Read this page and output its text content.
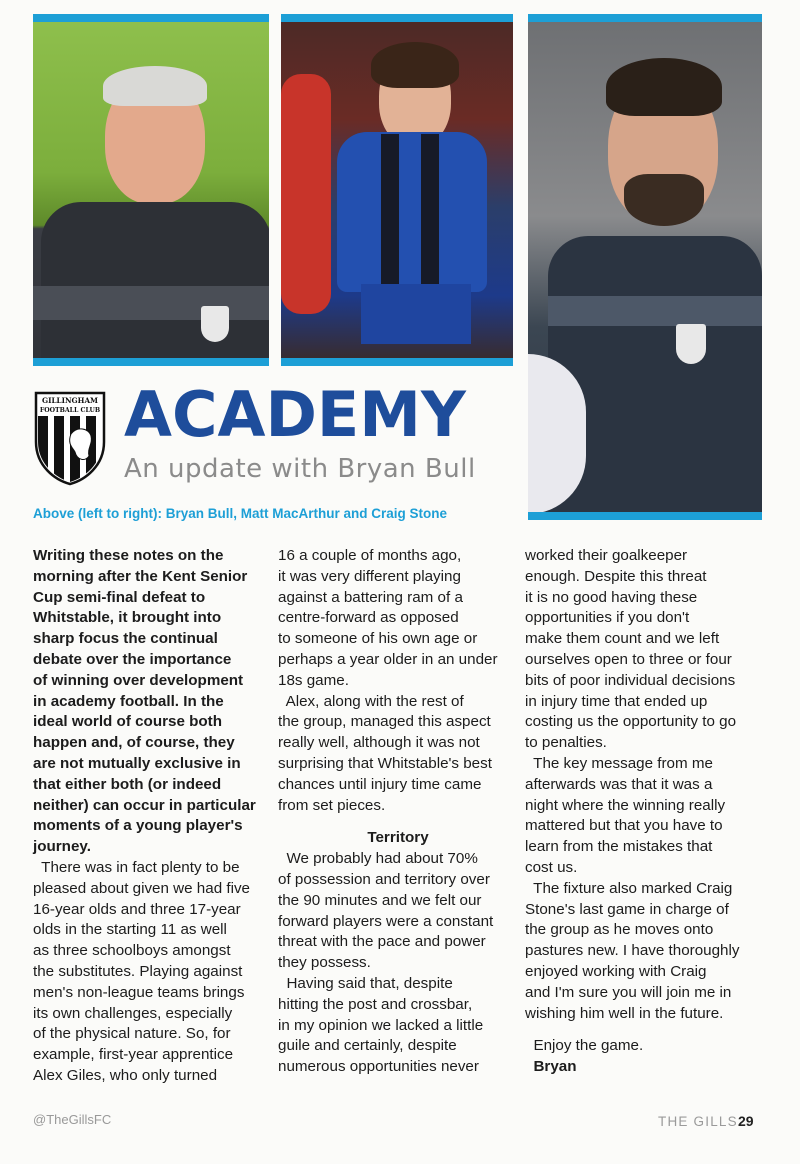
GILLINGHAM
FOOTBALL CLUB ACADEMY
An update with Bryan Bull
Above (left to right): Bryan Bull, Matt MacArthur and Craig Stone
Writing these notes on the
morning after the Kent Senior
Cup semi-final defeat to
Whitstable, it brought into
sharp focus the continual
debate over the importance
of winning over development
in academy football. In the
ideal world of course both
happen and, of course, they
are not mutually exclusive in
that either both (or indeed
neither) can occur in particular
moments of a young player's
journey.
There was in fact plenty to be
pleased about given we had five
16-year olds and three 17-year
olds in the starting 11 as well
as three schoolboys amongst
the substitutes. Playing against
men's non-league teams brings
its own challenges, especially
of the physical nature. So, for
example, first-year apprentice
Alex Giles, who only turned
16 a couple of months ago,
it was very different playing
against a battering ram of a
centre-forward as opposed
to someone of his own age or
perhaps a year older in an under
18s game.
Alex, along with the rest of
the group, managed this aspect
really well, although it was not
surprising that Whitstable's best
chances until injury time came
from set pieces.
Territory
We probably had about 70%
of possession and territory over
the 90 minutes and we felt our
forward players were a constant
threat with the pace and power
they possess.
Having said that, despite
hitting the post and crossbar,
in my opinion we lacked a little
guile and certainly, despite
numerous opportunities never
worked their goalkeeper
enough. Despite this threat
it is no good having these
opportunities if you don't
make them count and we left
ourselves open to three or four
bits of poor individual decisions
in injury time that ended up
costing us the opportunity to go
to penalties.
The key message from me
afterwards was that it was a
night where the winning really
mattered but that you have to
learn from the mistakes that
cost us.
The fixture also marked Craig
Stone's last game in charge of
the group as he moves onto
pastures new. I have thoroughly
enjoyed working with Craig
and I'm sure you will join me in
wishing him well in the future.
Enjoy the game.
Bryan
@TheGillsFC	THE GILLS 29
